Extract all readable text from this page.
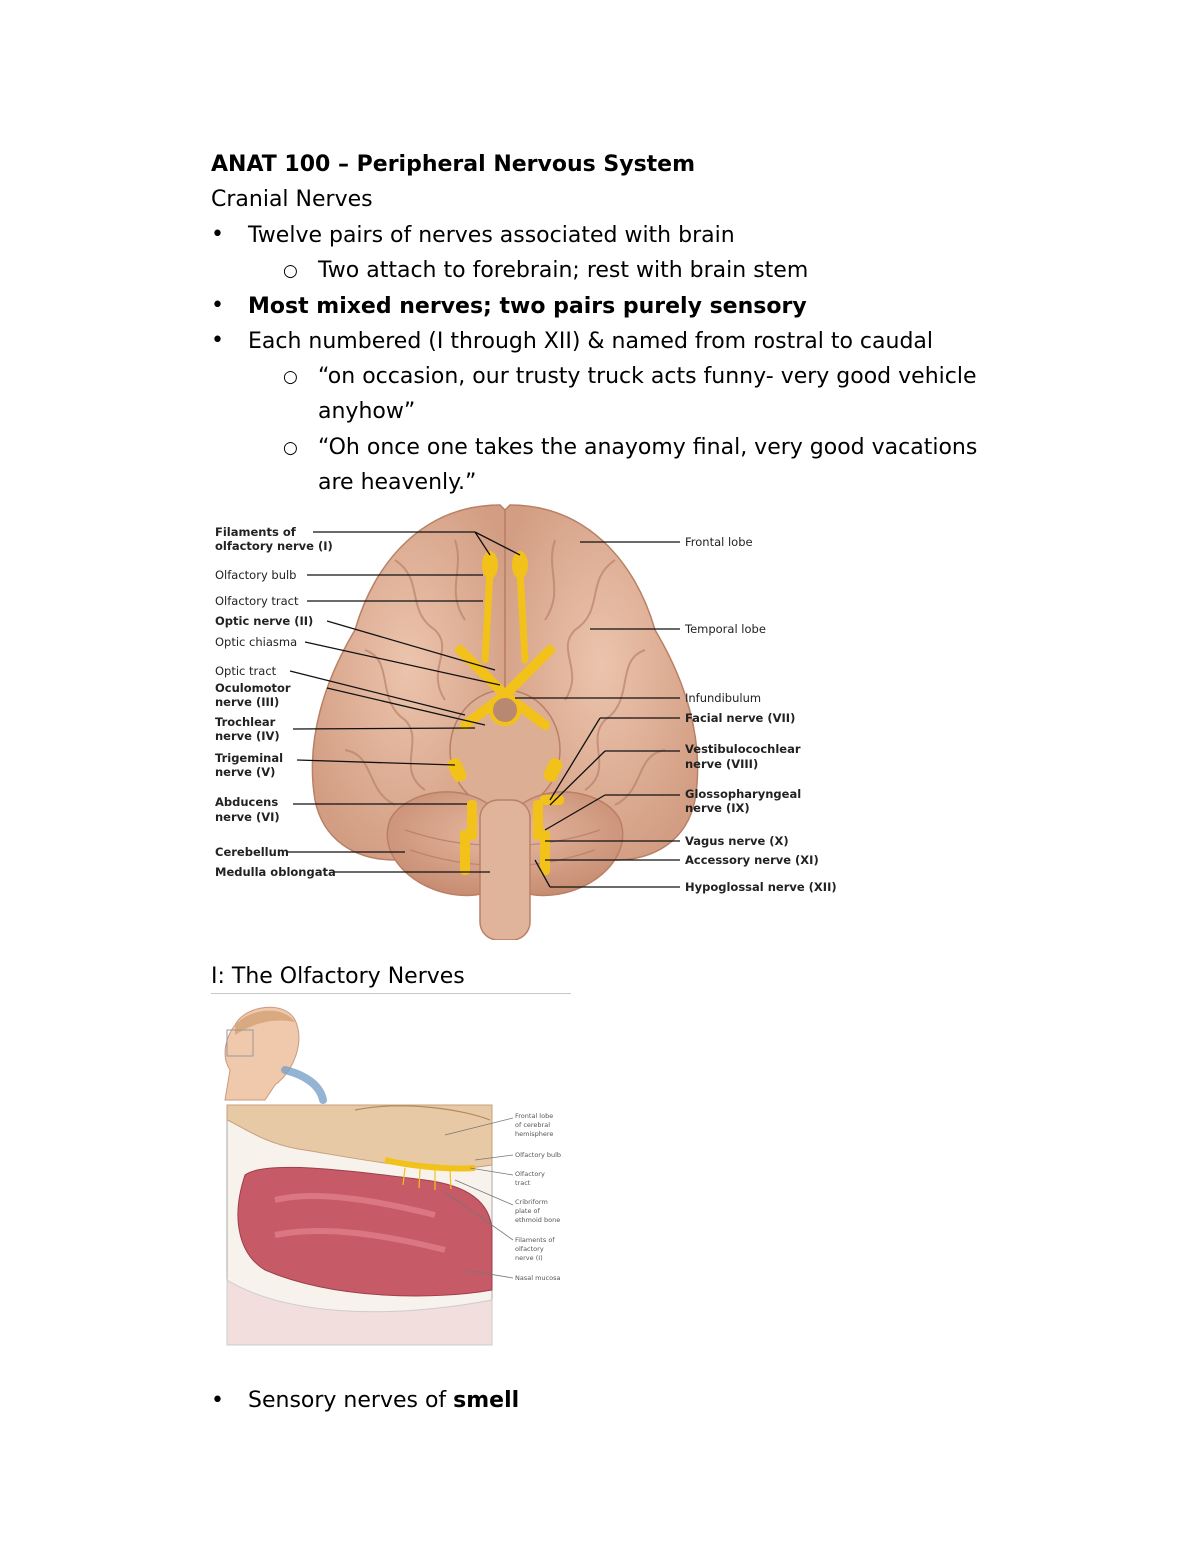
ANAT 100 – Peripheral Nervous System
Cranial Nerves
• Twelve pairs of nerves associated with brain
○ Two attach to forebrain; rest with brain stem
• Most mixed nerves; two pairs purely sensory
• Each numbered (I through XII) & named from rostral to caudal
○ “on occasion, our trusty truck acts funny- very good vehicle
anyhow”
○ “Oh once one takes the anayomy final, very good vacations
are heavenly.”
Filaments of
olfactory nerve (I)
Olfactory bulb
Olfactory tract
Optic nerve (II)
Optic chiasma
Optic tract
Oculomotor
nerve (III)
Trochlear
nerve (IV)
Trigeminal
nerve (V)
Abducens
nerve (VI)
Cerebellum
Medulla oblongata
Frontal lobe
Temporal lobe
Infundibulum
Facial nerve (VII)
Vestibulocochlear
nerve (VIII)
Glossopharyngeal
nerve (IX)
Vagus nerve (X)
Accessory nerve (XI)
Hypoglossal nerve (XII)
I: The Olfactory Nerves
Frontal lobe
of cerebral
hemisphere
Olfactory bulb
Olfactory
tract
Cribriform
plate of
ethmoid bone
Filaments of
olfactory
nerve (I)
Nasal mucosa
• Sensory nerves of smell
